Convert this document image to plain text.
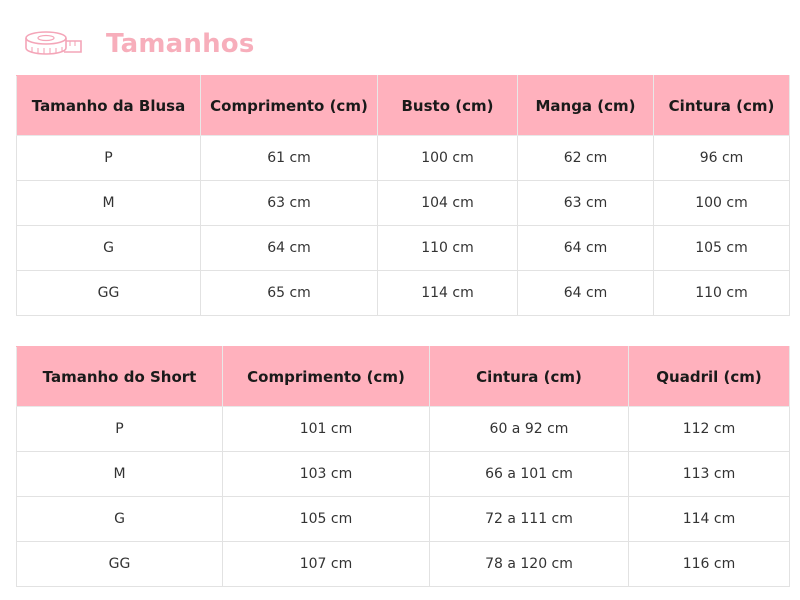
Tamanhos
Tamanho da Blusa	Comprimento (cm)	Busto (cm)	Manga (cm)	Cintura (cm)
P	61 cm	100 cm	62 cm	96 cm
M	63 cm	104 cm	63 cm	100 cm
G	64 cm	110 cm	64 cm	105 cm
GG	65 cm	114 cm	64 cm	110 cm
Tamanho do Short	Comprimento (cm)	Cintura (cm)	Quadril (cm)
P	101 cm	60 a 92 cm	112 cm
M	103 cm	66 a 101 cm	113 cm
G	105 cm	72 a 111 cm	114 cm
GG	107 cm	78 a 120 cm	116 cm
